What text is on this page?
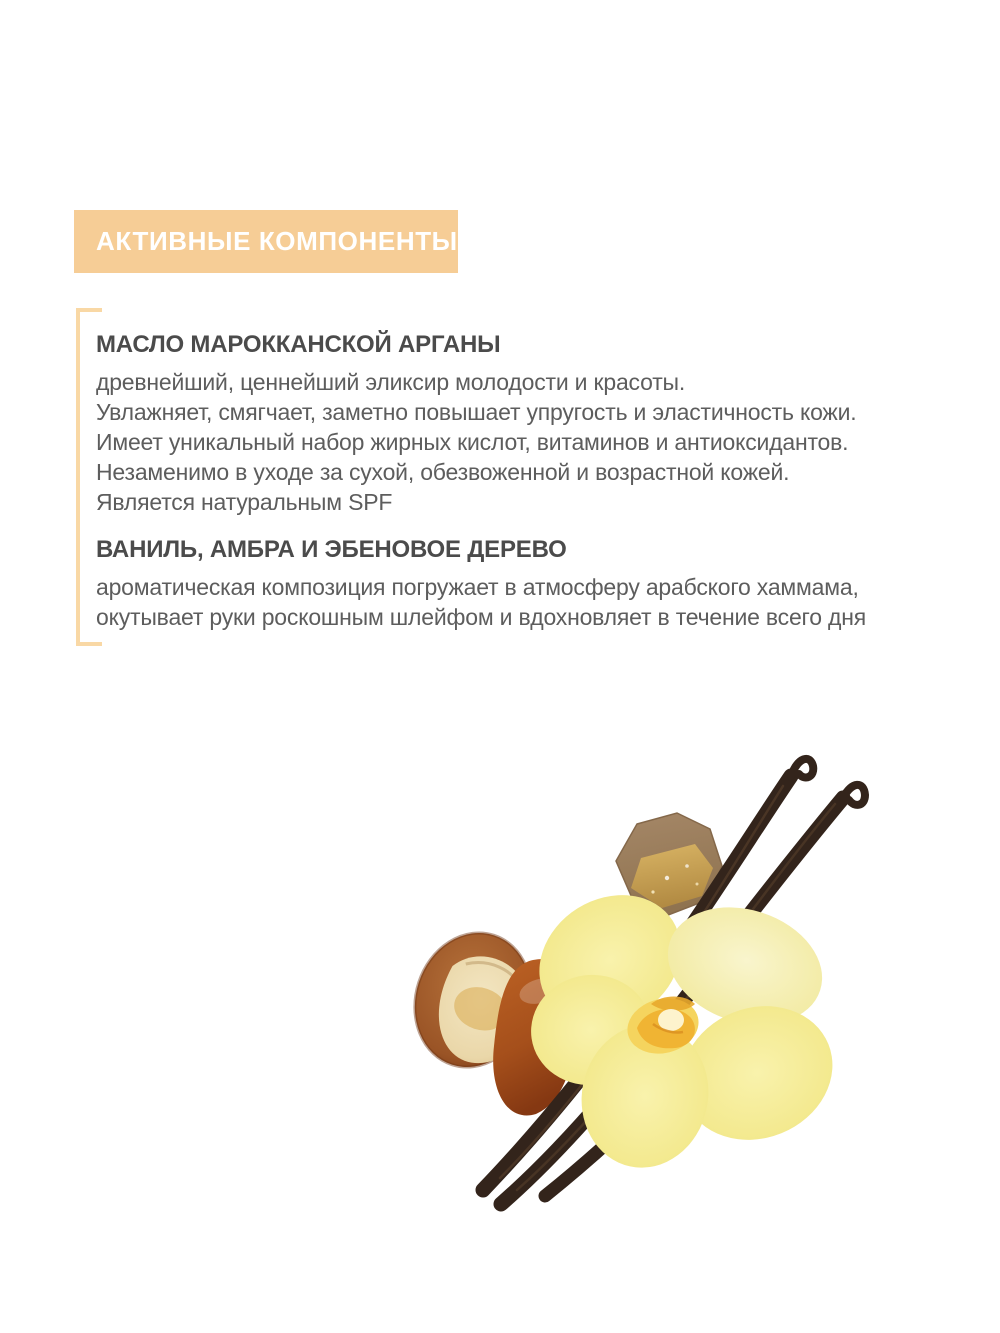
АКТИВНЫЕ КОМПОНЕНТЫ
МАСЛО МАРОККАНСКОЙ АРГАНЫ
древнейший, ценнейший эликсир молодости и красоты.
Увлажняет, смягчает, заметно повышает упругость и эластичность кожи.
Имеет уникальный набор жирных кислот, витаминов и антиоксидантов.
Незаменимо в уходе за сухой, обезвоженной и возрастной кожей.
Является натуральным SPF
ВАНИЛЬ, АМБРА И ЭБЕНОВОЕ ДЕРЕВО
ароматическая композиция погружает в атмосферу арабского хаммама,
окутывает руки роскошным шлейфом и вдохновляет в течение всего дня
